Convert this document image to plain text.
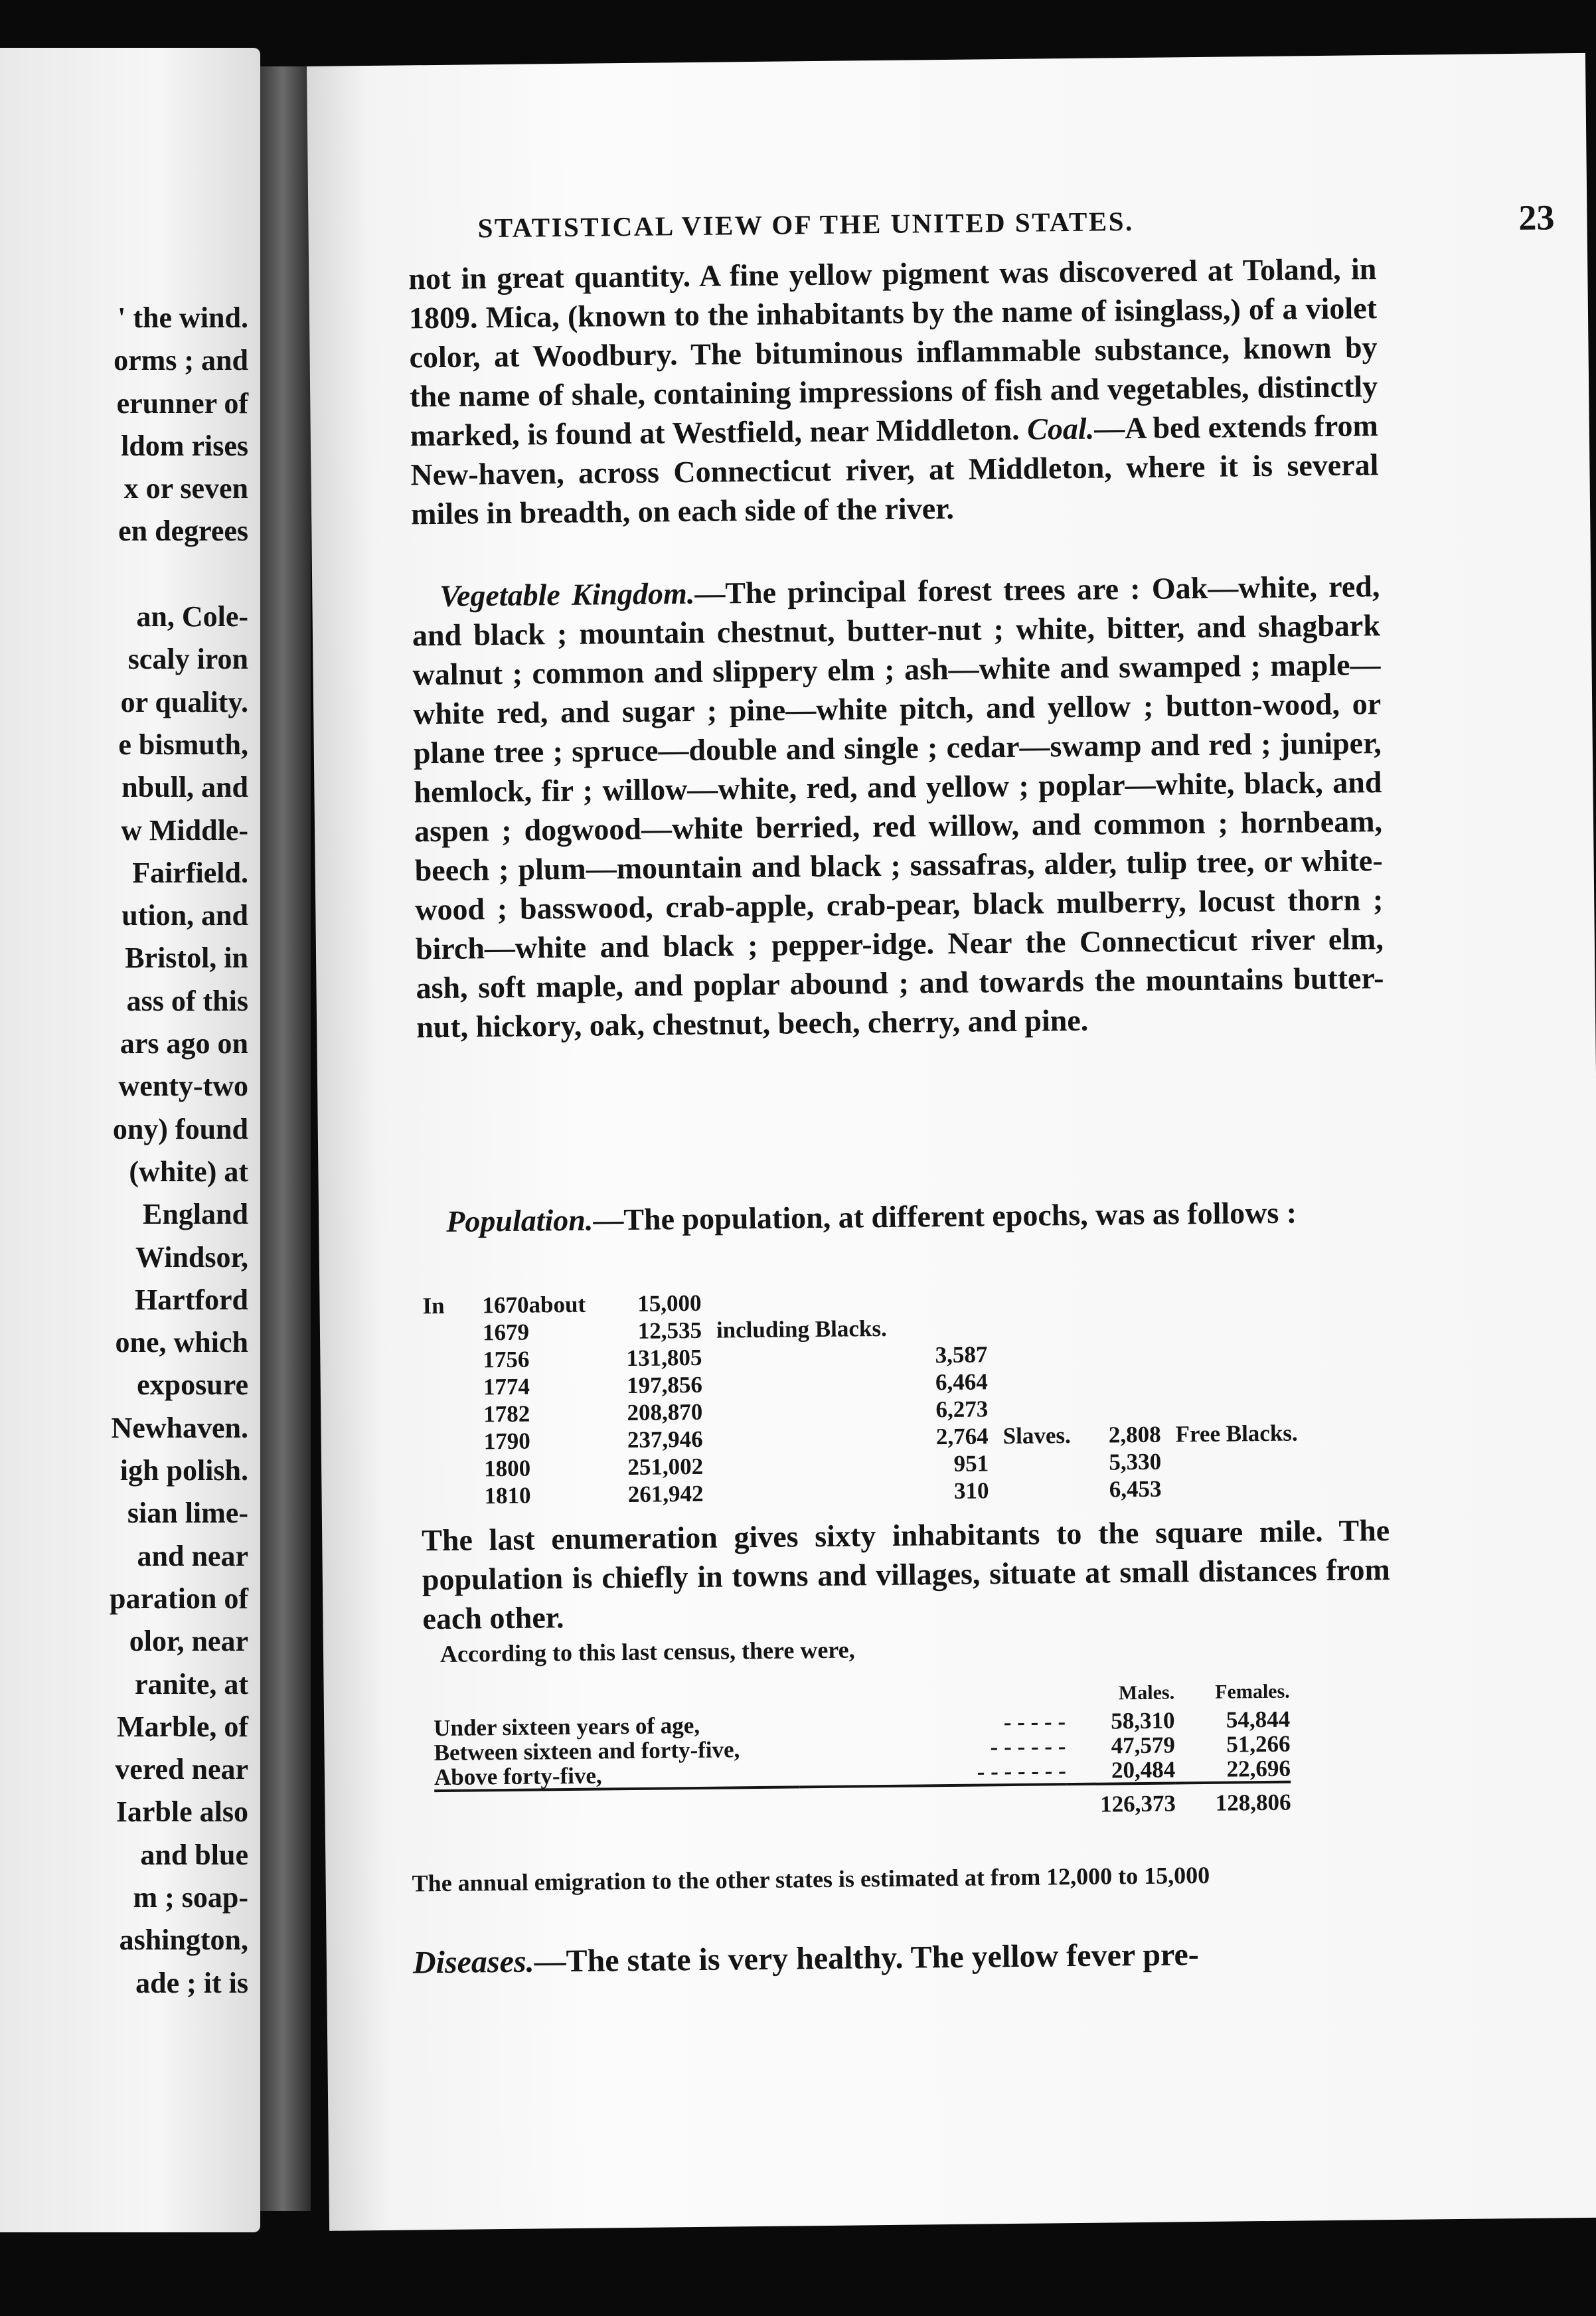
' the wind.
orms ; and
erunner of
ldom rises
x or seven
en degrees

an, Cole-
scaly iron
or quality.
e bismuth,
nbull, and
w Middle-
Fairfield.
ution, and
Bristol, in
ass of this
ars ago on
wenty-two
ony) found
(white) at
England
Windsor,
Hartford
one, which
exposure
Newhaven.
igh polish.
sian lime-
and near
paration of
olor, near
ranite, at
Marble, of
vered near
Iarble also
and blue
m ; soap-
ashington,
ade ; it is
STATISTICAL VIEW OF THE UNITED STATES.	23

not in great quantity. A fine yellow pigment was discovered at Toland, in 1809. Mica, (known to the inhabitants by the name of isinglass,) of a violet color, at Woodbury. The bituminous inflammable substance, known by the name of shale, containing impressions of fish and vegetables, distinctly marked, is found at Westfield, near Middleton. Coal.—A bed extends from New-haven, across Connecticut river, at Middleton, where it is several miles in breadth, on each side of the river.

Vegetable Kingdom.—The principal forest trees are : Oak—white, red, and black ; mountain chestnut, butter-nut ; white, bitter, and shagbark walnut ; common and slippery elm ; ash—white and swamped ; maple—white red, and sugar ; pine—white pitch, and yellow ; button-wood, or plane tree ; spruce—double and single ; cedar—swamp and red ; juniper, hemlock, fir ; willow—white, red, and yellow ; poplar—white, black, and aspen ; dogwood—white berried, red willow, and common ; hornbeam, beech ; plum—mountain and black ; sassafras, alder, tulip tree, or white-wood ; basswood, crab-apple, crab-pear, black mulberry, locust thorn ; birch—white and black ; pepper-idge. Near the Connecticut river elm, ash, soft maple, and poplar abound ; and towards the mountains butter-nut, hickory, oak, chestnut, beech, cherry, and pine.

Population.—The population, at different epochs, was as follows :

In	1670	about	15,000					
	1679		12,535	including Blacks.				
	1756		131,805		3,587			
	1774		197,856		6,464			
	1782		208,870		6,273			
	1790		237,946		2,764	Slaves.	2,808	Free Blacks.
	1800		251,002		951		5,330	
	1810		261,942		310		6,453	

The last enumeration gives sixty inhabitants to the square mile. The population is chiefly in towns and villages, situate at small distances from each other.

According to this last census, there were,
		Males.	Females.
Under sixteen years of age,	- - - - -	58,310	54,844
Between sixteen and forty-five,	- - - - - -	47,579	51,266
Above forty-five,	- - - - - - -	20,484	22,696
		126,373	128,806
The annual emigration to the other states is estimated at from 12,000 to 15,000
Diseases.—The state is very healthy. The yellow fever pre-
